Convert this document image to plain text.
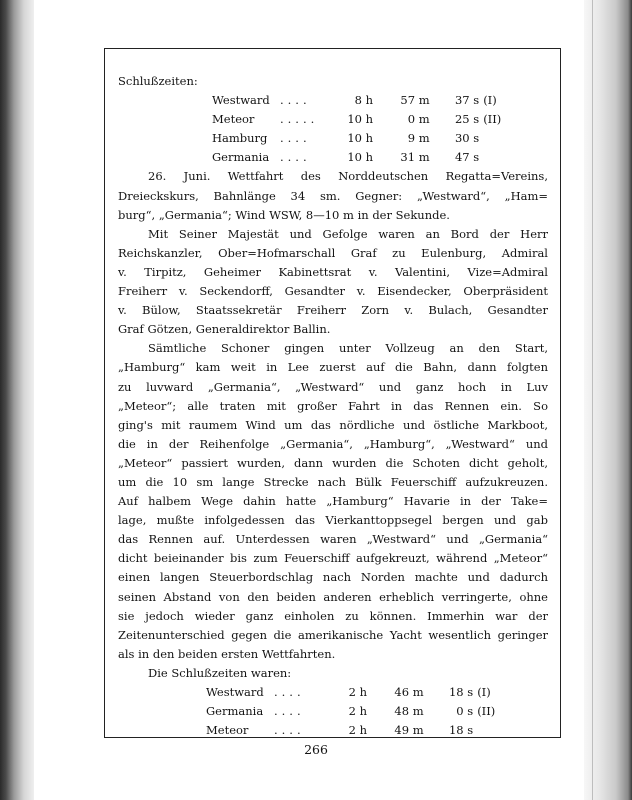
Schlußzeiten:
Westward ....	8 h 57 m 37 s (I)
Meteor .....	10 h	0 m 25 s (II)
Hamburg ....	10 h	9 m 30 s
Germania ....	10 h 31 m 47 s
26. Juni. Wettfahrt des Norddeutschen Regatta=Vereins,
Dreieckskurs, Bahnlänge 34 sm. Gegner: „Westward“, „Ham=
burg“, „Germania“; Wind WSW, 8—10 m in der Sekunde.
Mit Seiner Majestät und Gefolge waren an Bord der Herr
Reichskanzler, Ober=Hofmarschall Graf zu Eulenburg, Admiral
v. Tirpitz, Geheimer Kabinettsrat v. Valentini, Vize=Admiral
Freiherr v. Seckendorff, Gesandter v. Eisendecker, Oberpräsident
v. Bülow, Staatssekretär Freiherr Zorn v. Bulach, Gesandter
Graf Götzen, Generaldirektor Ballin.
Sämtliche Schoner gingen unter Vollzeug an den Start,
„Hamburg“ kam weit in Lee zuerst auf die Bahn, dann folgten
zu luvward „Germania“, „Westward“ und ganz hoch in Luv
„Meteor“; alle traten mit großer Fahrt in das Rennen ein. So
ging's mit raumem Wind um das nördliche und östliche Markboot,
die in der Reihenfolge „Germania“, „Hamburg“, „Westward“ und
„Meteor“ passiert wurden, dann wurden die Schoten dicht geholt,
um die 10 sm lange Strecke nach Bülk Feuerschiff aufzukreuzen.
Auf halbem Wege dahin hatte „Hamburg“ Havarie in der Take=
lage, mußte infolgedessen das Vierkanttoppsegel bergen und gab
das Rennen auf. Unterdessen waren „Westward“ und „Germania“
dicht beieinander bis zum Feuerschiff aufgekreuzt, während „Meteor“
einen langen Steuerbordschlag nach Norden machte und dadurch
seinen Abstand von den beiden anderen erheblich verringerte, ohne
sie jedoch wieder ganz einholen zu können. Immerhin war der
Zeitenunterschied gegen die amerikanische Yacht wesentlich geringer
als in den beiden ersten Wettfahrten.
Die Schlußzeiten waren:
Westward ....	2 h 46 m 18 s (I)
Germania ....	2 h 48 m	0 s (II)
Meteor ....	2 h 49 m 18 s
266
